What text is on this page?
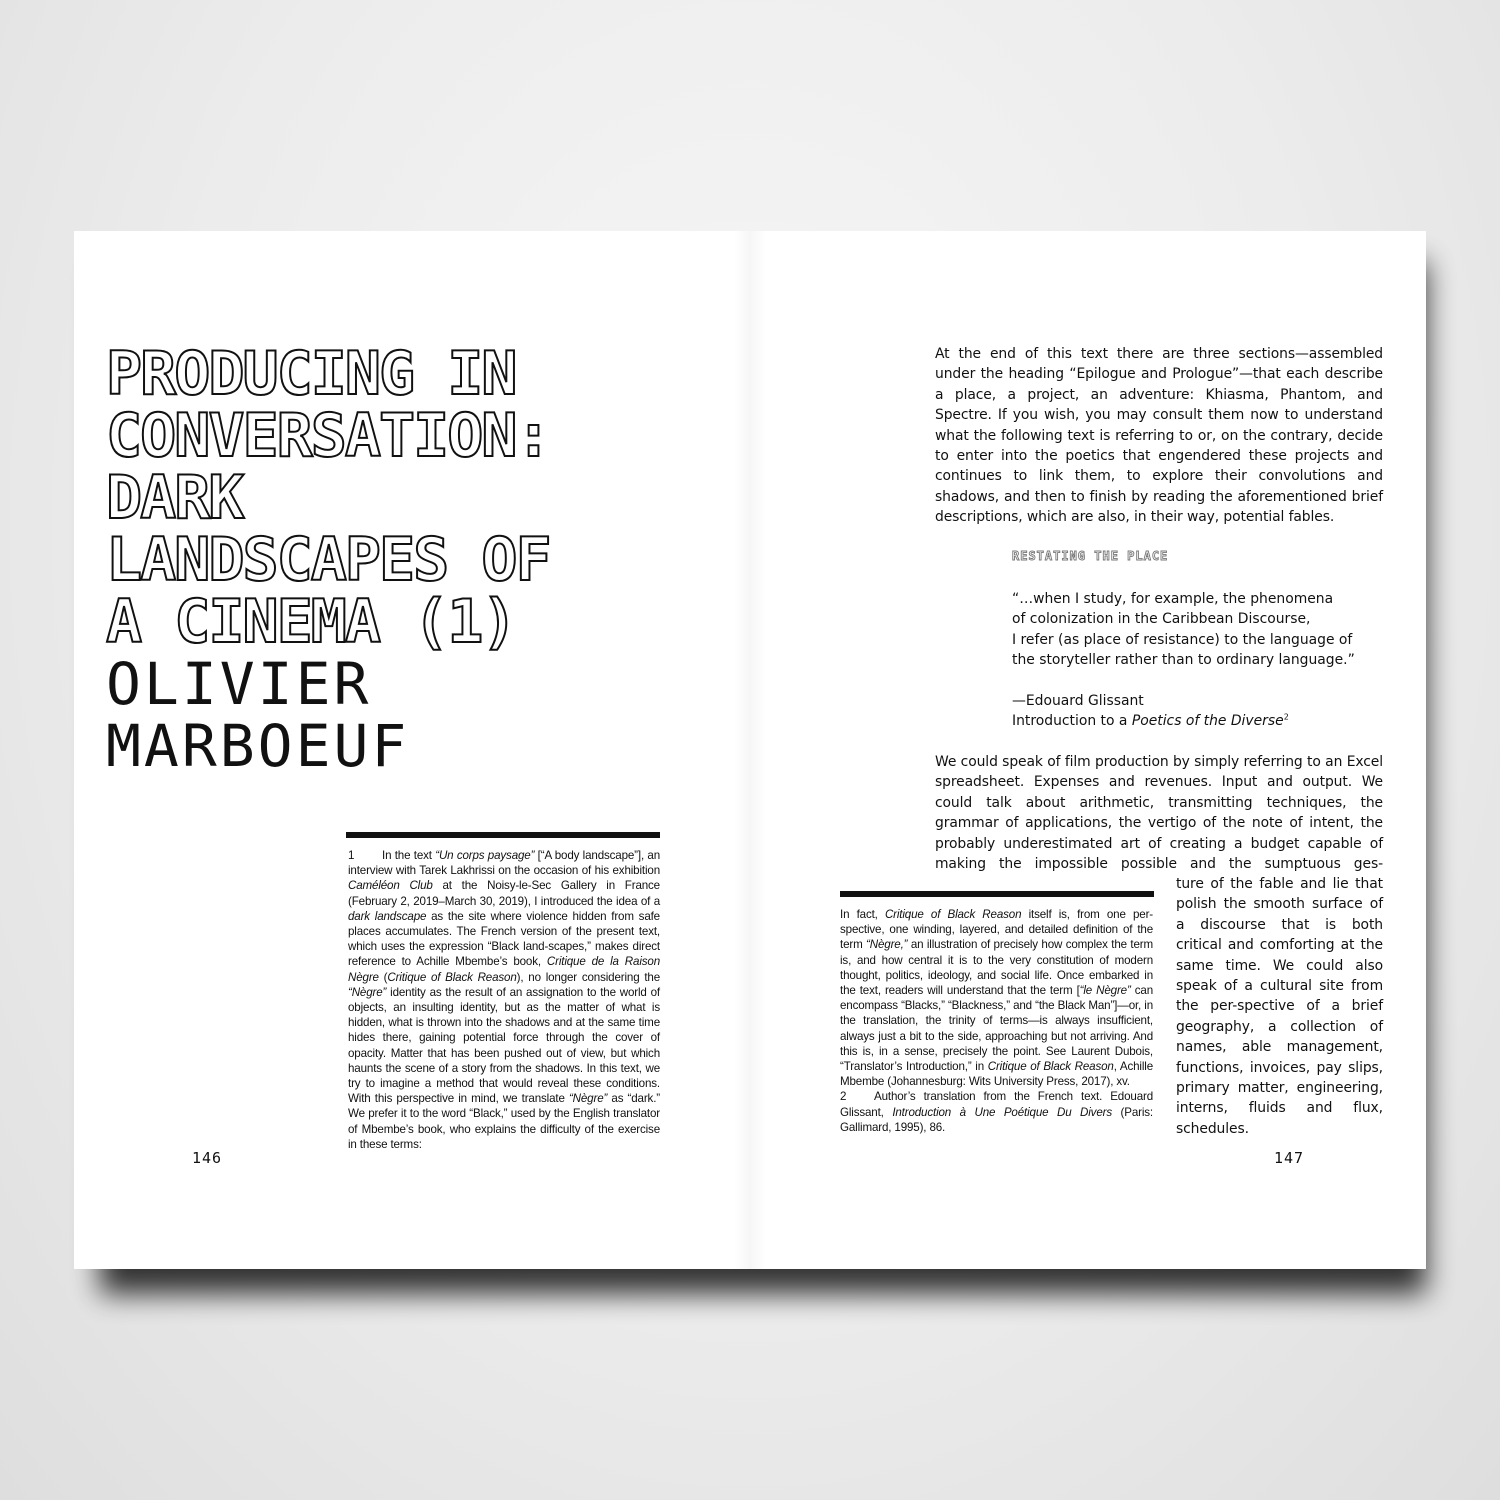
PRODUCING IN
CONVERSATION:
DARK
LANDSCAPES OF
A CINEMA (1)
OLIVIER
MARBOEUF

1 In the text “Un corps paysage” [“A body landscape”], an interview with Tarek Lakhrissi on the occasion of his exhibition Caméléon Club at the Noisy-le-Sec Gallery in France (February 2, 2019–March 30, 2019), I introduced the idea of a dark landscape as the site where violence hidden from safe places accumulates. The French version of the present text, which uses the expression “Black land-scapes,” makes direct reference to Achille Mbembe’s book, Critique de la Raison Nègre (Critique of Black Reason), no longer considering the “Nègre” identity as the result of an assignation to the world of objects, an insulting identity, but as the matter of what is hidden, what is thrown into the shadows and at the same time hides there, gaining potential force through the cover of opacity. Matter that has been pushed out of view, but which haunts the scene of a story from the shadows. In this text, we try to imagine a method that would reveal these conditions. With this perspective in mind, we translate “Nègre” as “dark.” We prefer it to the word “Black,” used by the English translator of Mbembe’s book, who explains the difficulty of the exercise in these terms:

146

At the end of this text there are three sections—assembled under the heading “Epilogue and Prologue”—that each describe a place, a project, an adventure: Khiasma, Phantom, and Spectre. If you wish, you may consult them now to understand what the following text is referring to or, on the contrary, decide to enter into the poetics that engendered these projects and continues to link them, to explore their convolutions and shadows, and then to finish by reading the aforementioned brief descriptions, which are also, in their way, potential fables.

RESTATING THE PLACE
“…when I study, for example, the phenomena
of colonization in the Caribbean Discourse,
I refer (as place of resistance) to the language of
the storyteller rather than to ordinary language.”
—Edouard Glissant
Introduction to a Poetics of the Diverse$^2$

We could speak of film production by simply referring to an Excel spreadsheet. Expenses and revenues. Input and output. We could talk about arithmetic, transmitting techniques, the grammar of applications, the vertigo of the note of intent, the probably underestimated art of creating a budget capable of making the impossible possible and the sumptuous ges-

ture of the fable and lie that polish the smooth surface of a discourse that is both critical and comforting at the same time. We could also speak of a cultural site from the per-spective of a brief geography, a collection of names, able management, functions, invoices, pay slips, primary matter, engineering, interns, fluids and flux, schedules.

In fact, Critique of Black Reason itself is, from one per-spective, one winding, layered, and detailed definition of the term “Nègre,” an illustration of precisely how complex the term is, and how central it is to the very constitution of modern thought, politics, ideology, and social life. Once embarked in the text, readers will understand that the term [“le Nègre” can encompass “Blacks,” “Blackness,” and “the Black Man”]—or, in the translation, the trinity of terms—is always insufficient, always just a bit to the side, approaching but not arriving. And this is, in a sense, precisely the point. See Laurent Dubois, “Translator’s Introduction,” in Critique of Black Reason, Achille Mbembe (Johannesburg: Wits University Press, 2017), xv.

2 Author’s translation from the French text. Edouard Glissant, Introduction à Une Poétique Du Divers (Paris: Gallimard, 1995), 86.

147
